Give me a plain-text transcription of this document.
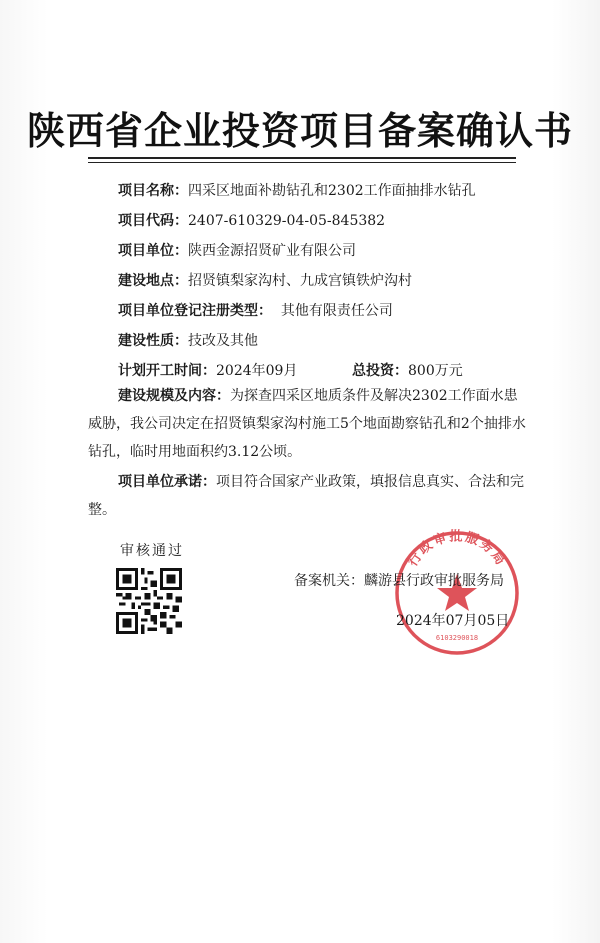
陕西省企业投资项目备案确认书
项目名称：四采区地面补勘钻孔和2302工作面抽排水钻孔
项目代码：2407-610329-04-05-845382
项目单位：陕西金源招贤矿业有限公司
建设地点：招贤镇梨家沟村、九成宫镇铁炉沟村
项目单位登记注册类型： 其他有限责任公司
建设性质：技改及其他
计划开工时间：2024年09月	总投资：800万元
建设规模及内容：为探查四采区地质条件及解决2302工作面水患威胁，我公司决定在招贤镇梨家沟村施工5个地面勘察钻孔和2个抽排水钻孔，临时用地面积约3.12公顷。
项目单位承诺：项目符合国家产业政策，填报信息真实、合法和完整。
审核通过	行政审批服务局
6103290018
备案机关：麟游县行政审批服务局
2024年07月05日
